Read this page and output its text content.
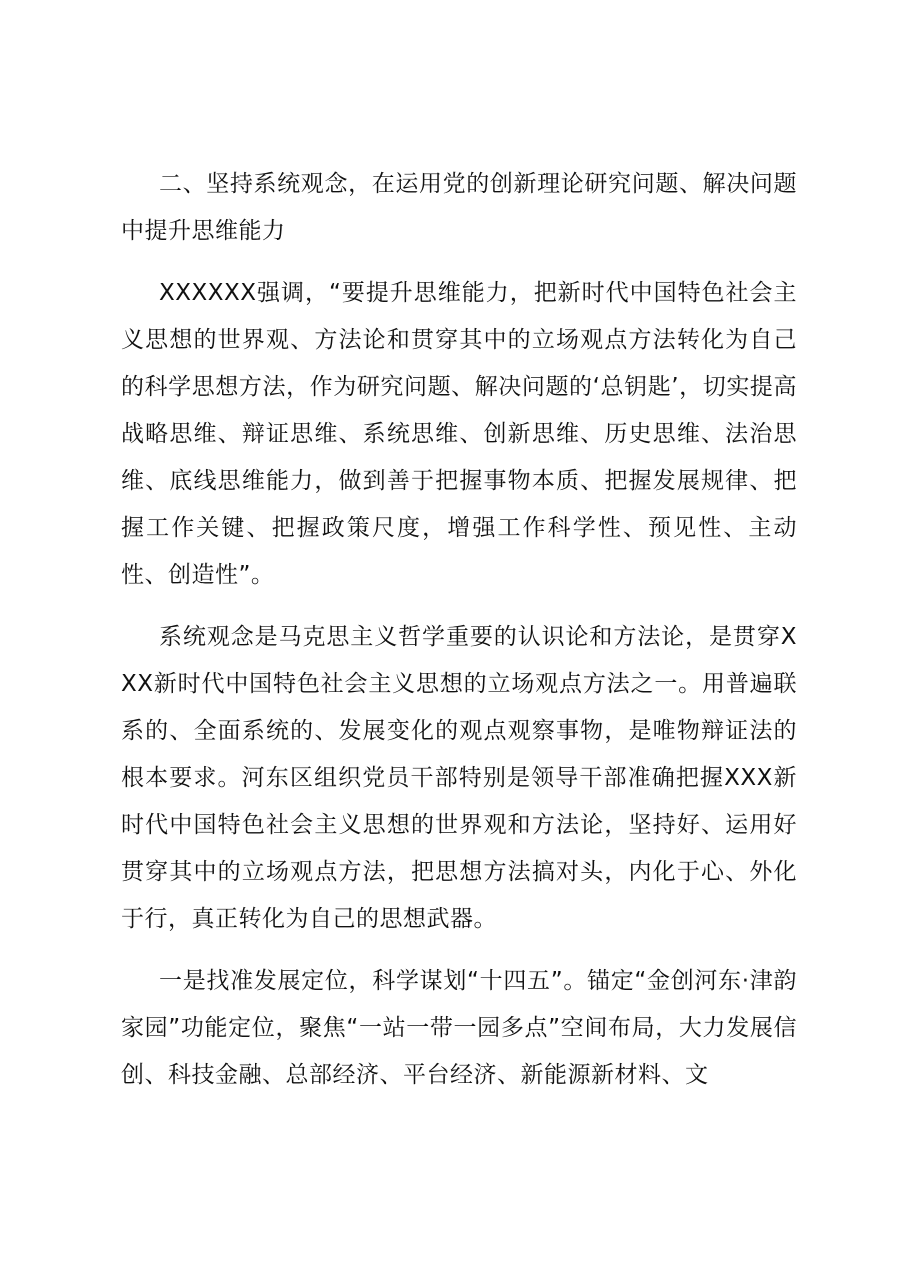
二、坚持系统观念，在运用党的创新理论研究问题、解决问题中提升思维能力

XXXXXX强调，“要提升思维能力，把新时代中国特色社会主义思想的世界观、方法论和贯穿其中的立场观点方法转化为自己的科学思想方法，作为研究问题、解决问题的‘总钥匙’，切实提高战略思维、辩证思维、系统思维、创新思维、历史思维、法治思维、底线思维能力，做到善于把握事物本质、把握发展规律、把握工作关键、把握政策尺度，增强工作科学性、预见性、主动性、创造性”。

系统观念是马克思主义哲学重要的认识论和方法论，是贯穿XXX新时代中国特色社会主义思想的立场观点方法之一。用普遍联系的、全面系统的、发展变化的观点观察事物，是唯物辩证法的根本要求。河东区组织党员干部特别是领导干部准确把握XXX新时代中国特色社会主义思想的世界观和方法论，坚持好、运用好贯穿其中的立场观点方法，把思想方法搞对头，内化于心、外化于行，真正转化为自己的思想武器。

一是找准发展定位，科学谋划“十四五”。锚定“金创河东·津韵家园”功能定位，聚焦“一站一带一园多点”空间布局，大力发展信创、科技金融、总部经济、平台经济、新能源新材料、文
